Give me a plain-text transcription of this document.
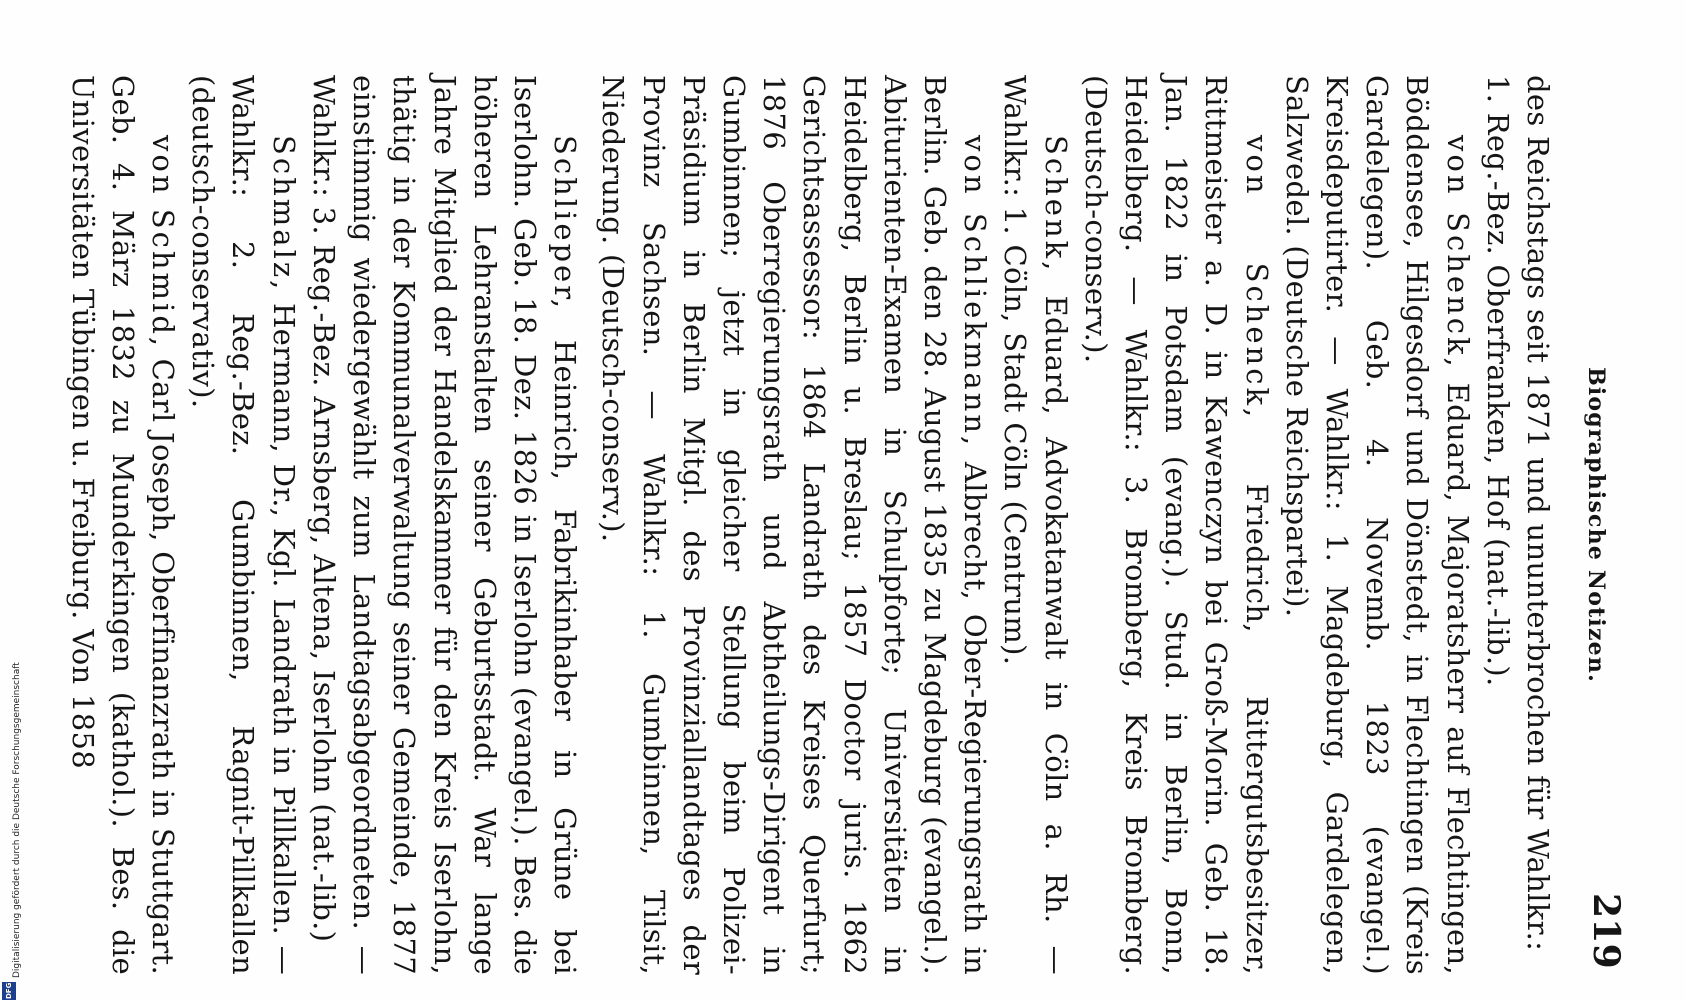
Biographische Notizen.
219

des Reichstags seit 1871 und ununterbrochen für Wahlkr.:
1. Reg.-Bez. Oberfranken, Hof (nat.-lib.).

von Schenck, Eduard, Majoratsherr auf Flechtingen, Böddensee, Hilgesdorf und Dönstedt, in Flechtingen (Kreis Gardelegen). Geb. 4. Novemb. 1823 (evangel.) Kreisdeputirter. — Wahlkr.: 1. Magdeburg, Gardelegen, Salzwedel. (Deutsche Reichspartei).

von Schenck, Friedrich, Rittergutsbesitzer, Rittmeister a. D. in Kawenczyn bei Groß-Morin. Geb. 18. Jan. 1822 in Potsdam (evang.). Stud. in Berlin, Bonn, Heidelberg. — Wahlkr.: 3. Bromberg, Kreis Bromberg. (Deutsch-conserv.).

Schenk, Eduard, Advokatanwalt in Cöln a. Rh. — Wahlkr.: 1. Cöln, Stadt Cöln (Centrum).

von Schliekmann, Albrecht, Ober-Regierungsrath in Berlin. Geb. den 28. August 1835 zu Magdeburg (evangel.). Abiturienten-Examen in Schulpforte; Universitäten in Heidelberg, Berlin u. Breslau; 1857 Doctor juris. 1862 Gerichtsassessor: 1864 Landrath des Kreises Querfurt; 1876 Oberregierungsrath und Abtheilungs-Dirigent in Gumbinnen; jetzt in gleicher Stellung beim Polizei-Präsidium in Berlin Mitgl. des Provinziallandtages der Provinz Sachsen. — Wahlkr.: 1. Gumbinnen, Tilsit, Niederung. (Deutsch-conserv.).

Schlieper, Heinrich, Fabrikinhaber in Grüne bei Iserlohn. Geb. 18. Dez. 1826 in Iserlohn (evangel.). Bes. die höheren Lehranstalten seiner Geburtsstadt. War lange Jahre Mitglied der Handelskammer für den Kreis Iserlohn, thätig in der Kommunalverwaltung seiner Gemeinde, 1877 einstimmig wiedergewählt zum Landtagsabgeordneten. — Wahlkr.: 3. Reg.-Bez. Arnsberg, Altena, Iserlohn (nat.-lib.)

Schmalz, Hermann, Dr., Kgl. Landrath in Pillkallen. — Wahlkr.: 2. Reg.-Bez. Gumbinnen, Ragnit-Pillkallen (deutsch-conservativ).

von Schmid, Carl Joseph, Oberfinanzrath in Stuttgart. Geb. 4. März 1832 zu Munderkingen (kathol.). Bes. die Universitäten Tübingen u. Freiburg. Von 1858

Digitalisierung gefördert durch die Deutsche Forschungsgemeinschaft
DFG
